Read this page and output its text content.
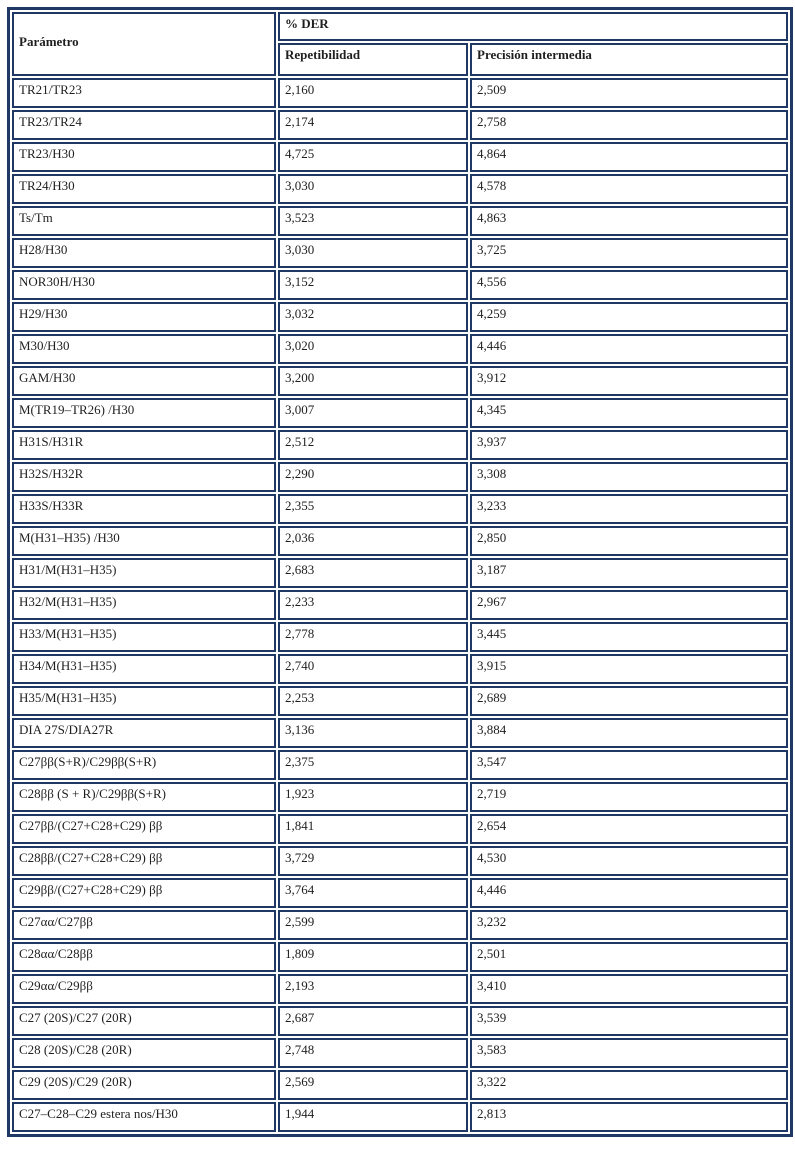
Parámetro	% DER	
	Repetibilidad	Precisión intermedia
TR21/TR23	2,160	2,509
TR23/TR24	2,174	2,758
TR23/H30	4,725	4,864
TR24/H30	3,030	4,578
Ts/Tm	3,523	4,863
H28/H30	3,030	3,725
NOR30H/H30	3,152	4,556
H29/H30	3,032	4,259
M30/H30	3,020	4,446
GAM/H30	3,200	3,912
M(TR19–TR26) /H30	3,007	4,345
H31S/H31R	2,512	3,937
H32S/H32R	2,290	3,308
H33S/H33R	2,355	3,233
M(H31–H35) /H30	2,036	2,850
H31/M(H31–H35)	2,683	3,187
H32/M(H31–H35)	2,233	2,967
H33/M(H31–H35)	2,778	3,445
H34/M(H31–H35)	2,740	3,915
H35/M(H31–H35)	2,253	2,689
DIA 27S/DIA27R	3,136	3,884
C27ββ(S+R)/C29ββ(S+R)	2,375	3,547
C28ββ (S + R)/C29ββ(S+R)	1,923	2,719
C27ββ/(C27+C28+C29) ββ	1,841	2,654
C28ββ/(C27+C28+C29) ββ	3,729	4,530
C29ββ/(C27+C28+C29) ββ	3,764	4,446
C27αα/C27ββ	2,599	3,232
C28αα/C28ββ	1,809	2,501
C29αα/C29ββ	2,193	3,410
C27 (20S)/C27 (20R)	2,687	3,539
C28 (20S)/C28 (20R)	2,748	3,583
C29 (20S)/C29 (20R)	2,569	3,322
C27–C28–C29 estera nos/H30	1,944	2,813
